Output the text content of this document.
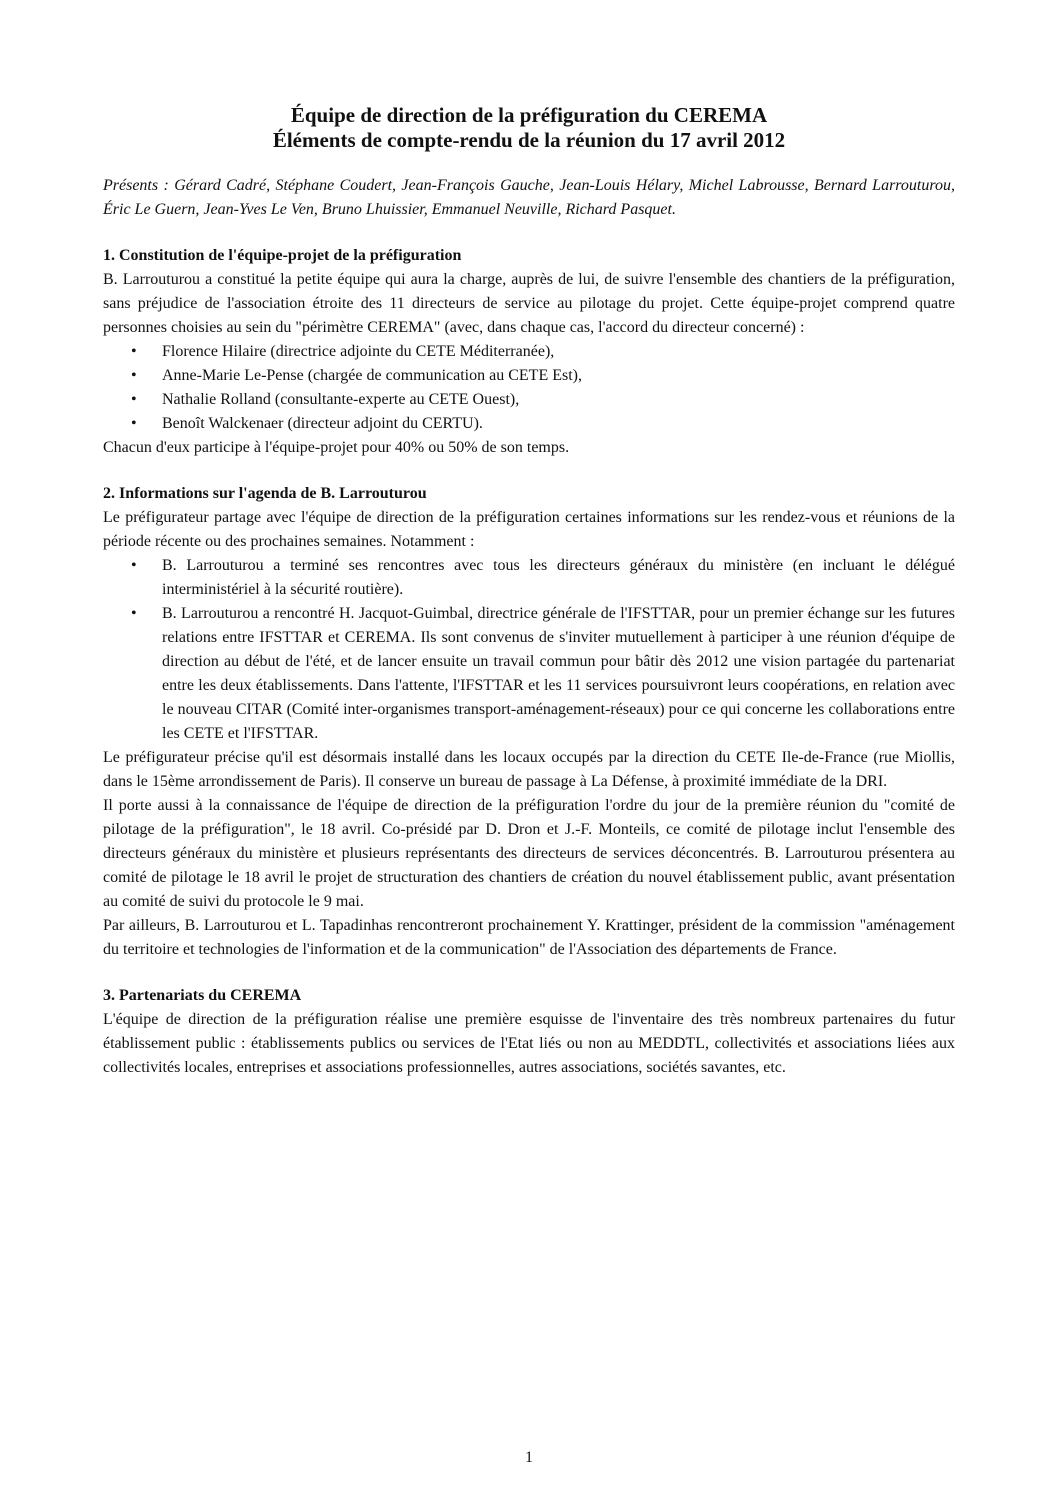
Équipe de direction de la préfiguration du CEREMA
Éléments de compte-rendu de la réunion du 17 avril 2012

Présents : Gérard Cadré, Stéphane Coudert, Jean-François Gauche, Jean-Louis Hélary, Michel Labrousse, Bernard Larrouturou, Éric Le Guern, Jean-Yves Le Ven, Bruno Lhuissier, Emmanuel Neuville, Richard Pasquet.

1. Constitution de l'équipe-projet de la préfiguration

B. Larrouturou a constitué la petite équipe qui aura la charge, auprès de lui, de suivre l'ensemble des chantiers de la préfiguration, sans préjudice de l'association étroite des 11 directeurs de service au pilotage du projet. Cette équipe-projet comprend quatre personnes choisies au sein du "périmètre CEREMA" (avec, dans chaque cas, l'accord du directeur concerné) :

• Florence Hilaire (directrice adjointe du CETE Méditerranée),
• Anne-Marie Le-Pense (chargée de communication au CETE Est),
• Nathalie Rolland (consultante-experte au CETE Ouest),
• Benoît Walckenaer (directeur adjoint du CERTU).

Chacun d'eux participe à l'équipe-projet pour 40% ou 50% de son temps.

2. Informations sur l'agenda de B. Larrouturou

Le préfigurateur partage avec l'équipe de direction de la préfiguration certaines informations sur les rendez-vous et réunions de la période récente ou des prochaines semaines. Notamment :

• B. Larrouturou a terminé ses rencontres avec tous les directeurs généraux du ministère (en incluant le délégué interministériel à la sécurité routière).
• B. Larrouturou a rencontré H. Jacquot-Guimbal, directrice générale de l'IFSTTAR, pour un premier échange sur les futures relations entre IFSTTAR et CEREMA. Ils sont convenus de s'inviter mutuellement à participer à une réunion d'équipe de direction au début de l'été, et de lancer ensuite un travail commun pour bâtir dès 2012 une vision partagée du partenariat entre les deux établissements. Dans l'attente, l'IFSTTAR et les 11 services poursuivront leurs coopérations, en relation avec le nouveau CITAR (Comité inter-organismes transport-aménagement-réseaux) pour ce qui concerne les collaborations entre les CETE et l'IFSTTAR.

Le préfigurateur précise qu'il est désormais installé dans les locaux occupés par la direction du CETE Ile-de-France (rue Miollis, dans le 15ème arrondissement de Paris). Il conserve un bureau de passage à La Défense, à proximité immédiate de la DRI.

Il porte aussi à la connaissance de l'équipe de direction de la préfiguration l'ordre du jour de la première réunion du "comité de pilotage de la préfiguration", le 18 avril. Co-présidé par D. Dron et J.-F. Monteils, ce comité de pilotage inclut l'ensemble des directeurs généraux du ministère et plusieurs représentants des directeurs de services déconcentrés. B. Larrouturou présentera au comité de pilotage le 18 avril le projet de structuration des chantiers de création du nouvel établissement public, avant présentation au comité de suivi du protocole le 9 mai.

Par ailleurs, B. Larrouturou et L. Tapadinhas rencontreront prochainement Y. Krattinger, président de la commission "aménagement du territoire et technologies de l'information et de la communication" de l'Association des départements de France.

3. Partenariats du CEREMA

L'équipe de direction de la préfiguration réalise une première esquisse de l'inventaire des très nombreux partenaires du futur établissement public : établissements publics ou services de l'Etat liés ou non au MEDDTL, collectivités et associations liées aux collectivités locales, entreprises et associations professionnelles, autres associations, sociétés savantes, etc.

1
